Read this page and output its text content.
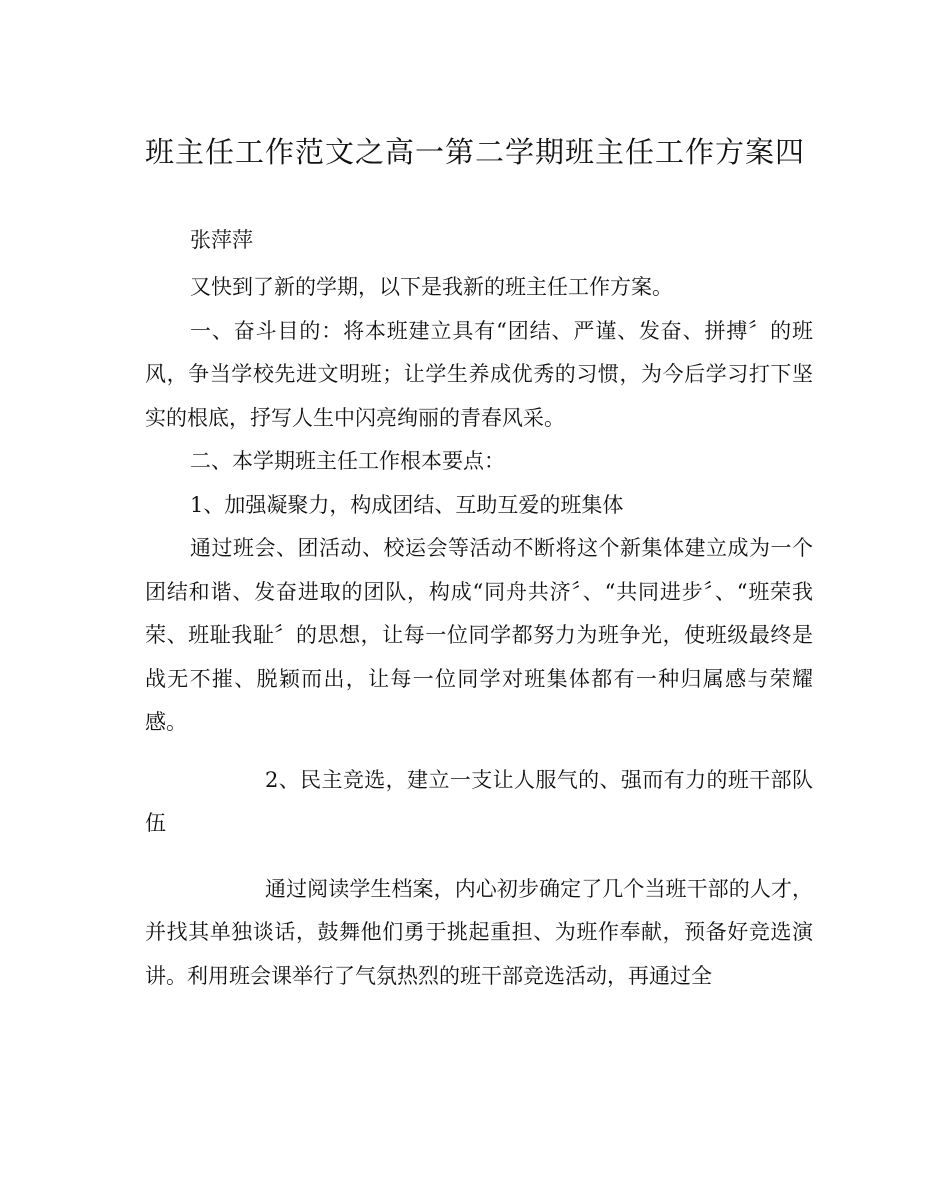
班主任工作范文之高一第二学期班主任工作方案四
张萍萍

又快到了新的学期，以下是我新的班主任工作方案。

一、奋斗目的：将本班建立具有“团结、严谨、发奋、拼搏〞的班风，争当学校先进文明班；让学生养成优秀的习惯，为今后学习打下坚实的根底，抒写人生中闪亮绚丽的青春风采。

二、本学期班主任工作根本要点：

1、加强凝聚力，构成团结、互助互爱的班集体

通过班会、团活动、校运会等活动不断将这个新集体建立成为一个团结和谐、发奋进取的团队，构成“同舟共济〞、“共同进步〞、“班荣我荣、班耻我耻〞的思想，让每一位同学都努力为班争光，使班级最终是战无不摧、脱颖而出，让每一位同学对班集体都有一种归属感与荣耀感。

2、民主竞选，建立一支让人服气的、强而有力的班干部队伍

通过阅读学生档案，内心初步确定了几个当班干部的人才，并找其单独谈话，鼓舞他们勇于挑起重担、为班作奉献，预备好竞选演讲。利用班会课举行了气氛热烈的班干部竞选活动，再通过全
